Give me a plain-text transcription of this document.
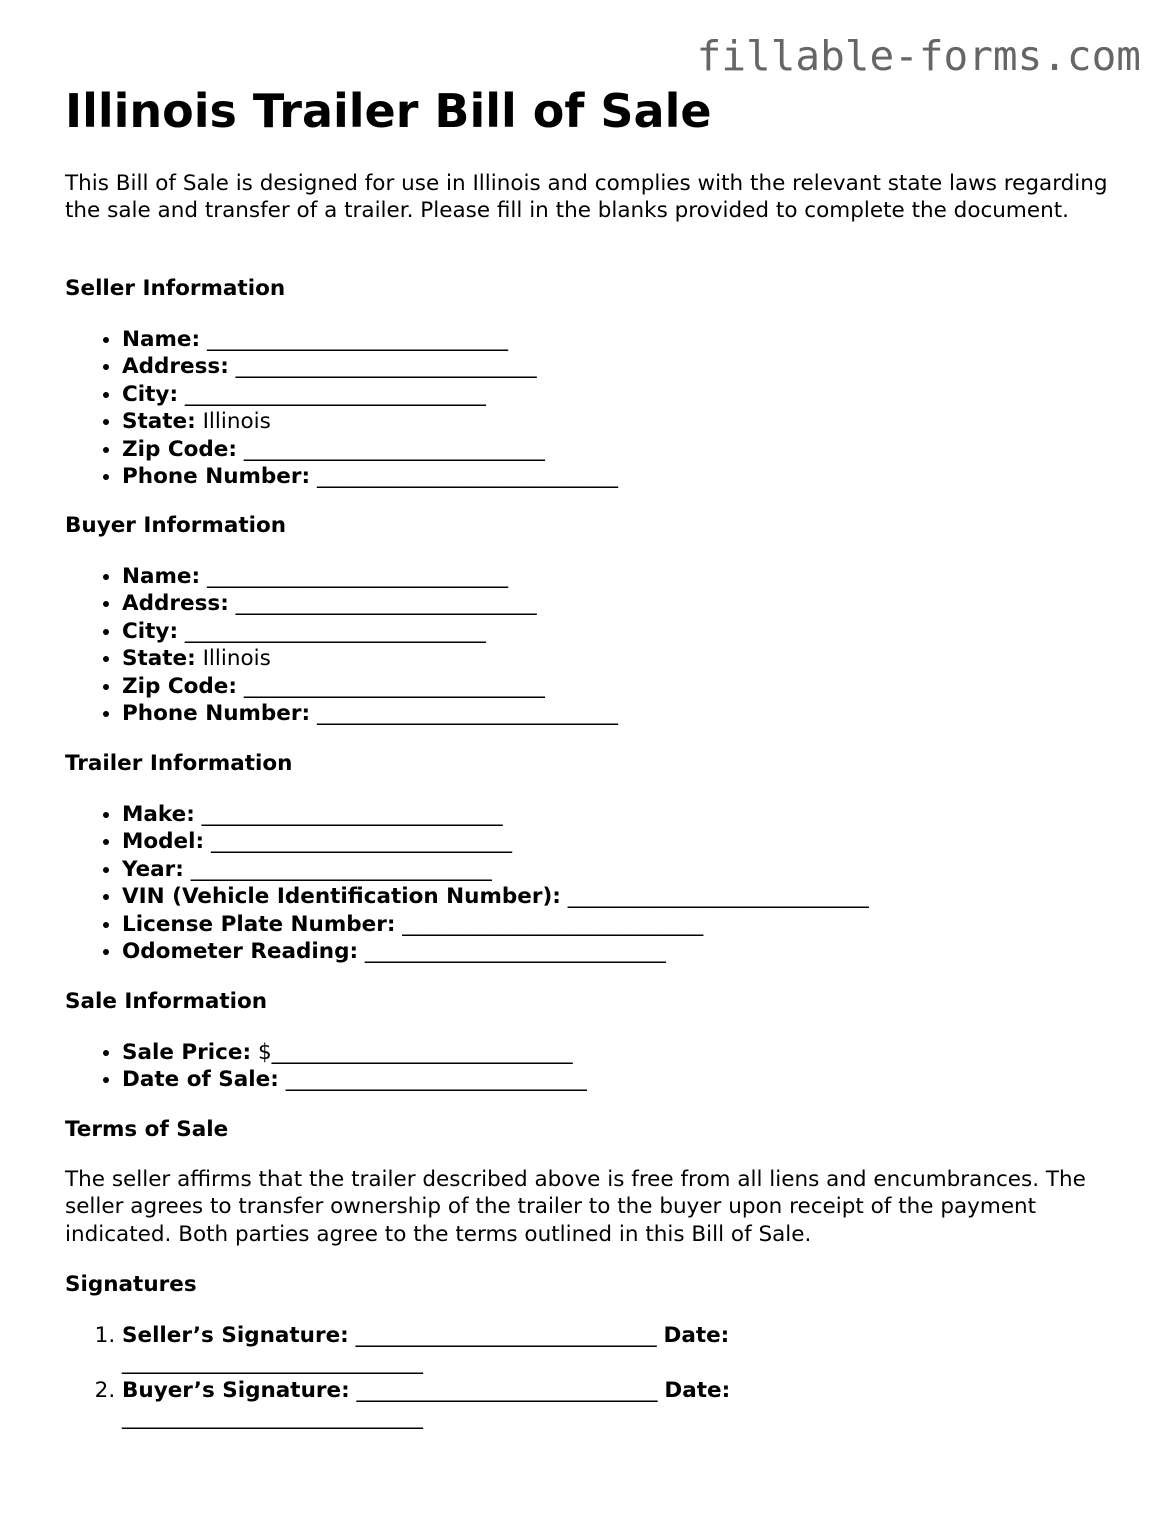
fillable-forms.com
Illinois Trailer Bill of Sale

This Bill of Sale is designed for use in Illinois and complies with the relevant state laws regarding the sale and transfer of a trailer. Please fill in the blanks provided to complete the document.

Seller Information
• Name: ____________________________
• Address: ____________________________
• City: ____________________________
• State: Illinois
• Zip Code: ____________________________
• Phone Number: ____________________________
Buyer Information
• Name: ____________________________
• Address: ____________________________
• City: ____________________________
• State: Illinois
• Zip Code: ____________________________
• Phone Number: ____________________________
Trailer Information
• Make: ____________________________
• Model: ____________________________
• Year: ____________________________
• VIN (Vehicle Identification Number): ____________________________
• License Plate Number: ____________________________
• Odometer Reading: ____________________________
Sale Information
• Sale Price: $____________________________
• Date of Sale: ____________________________
Terms of Sale

The seller affirms that the trailer described above is free from all liens and encumbrances. The seller agrees to transfer ownership of the trailer to the buyer upon receipt of the payment indicated. Both parties agree to the terms outlined in this Bill of Sale.

Signatures
1. Seller’s Signature: ____________________________ Date: ____________________________
2. Buyer’s Signature: ____________________________ Date: ____________________________
